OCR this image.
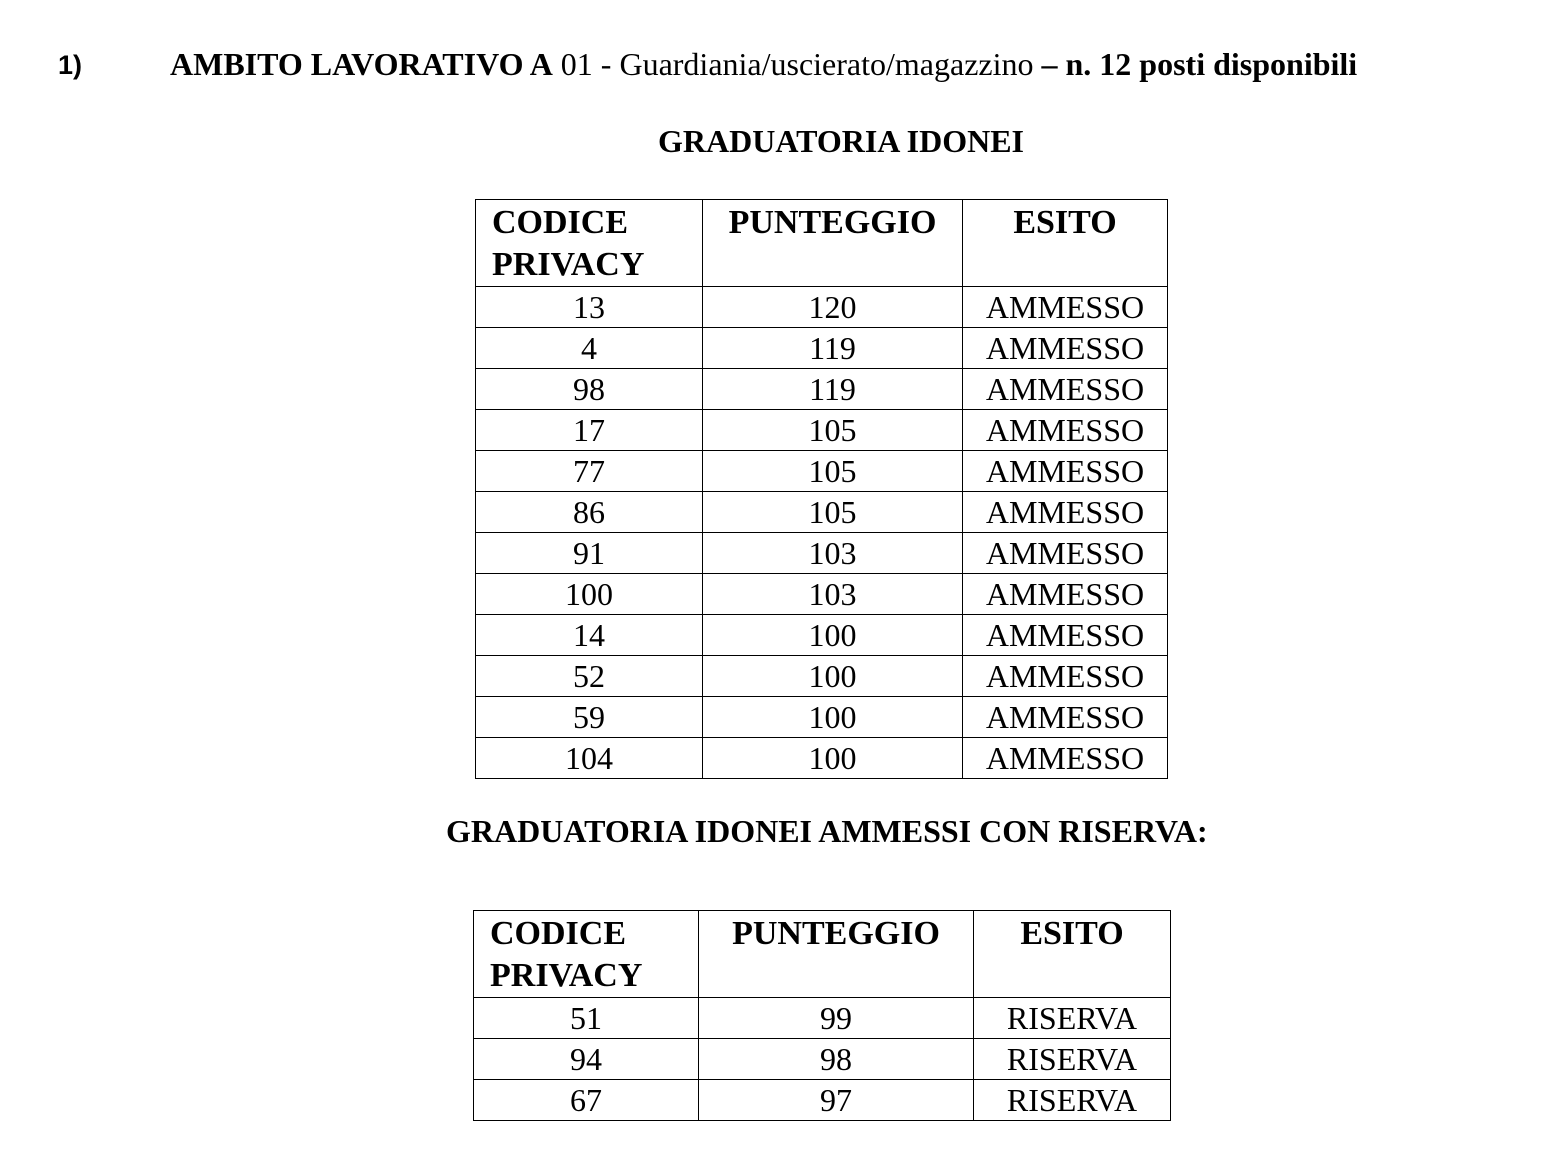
1)	AMBITO LAVORATIVO A 01 - Guardiania/uscierato/magazzino – n. 12 posti disponibili
GRADUATORIA IDONEI
CODICE PRIVACY	PUNTEGGIO	ESITO
13	120	AMMESSO
4	119	AMMESSO
98	119	AMMESSO
17	105	AMMESSO
77	105	AMMESSO
86	105	AMMESSO
91	103	AMMESSO
100	103	AMMESSO
14	100	AMMESSO
52	100	AMMESSO
59	100	AMMESSO
104	100	AMMESSO
GRADUATORIA IDONEI AMMESSI CON RISERVA:
CODICE PRIVACY	PUNTEGGIO	ESITO
51	99	RISERVA
94	98	RISERVA
67	97	RISERVA
